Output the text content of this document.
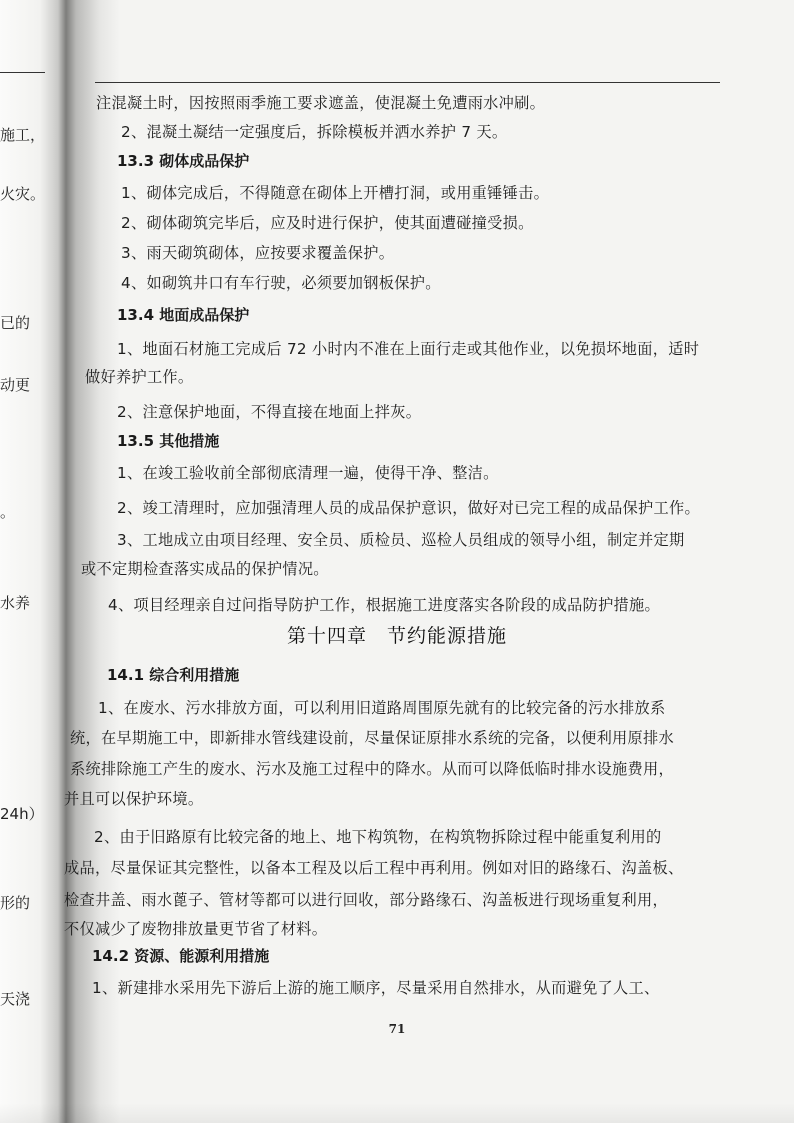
施工，
火灾。
已的
动更
。
水养
24h）
形的
天浇
注混凝土时，因按照雨季施工要求遮盖，使混凝土免遭雨水冲刷。
2、混凝土凝结一定强度后，拆除模板并洒水养护 7 天。
13.3 砌体成品保护
1、砌体完成后，不得随意在砌体上开槽打洞，或用重锤锤击。
2、砌体砌筑完毕后，应及时进行保护，使其面遭碰撞受损。
3、雨天砌筑砌体，应按要求覆盖保护。
4、如砌筑井口有车行驶，必须要加钢板保护。
13.4 地面成品保护
1、地面石材施工完成后 72 小时内不准在上面行走或其他作业，以免损坏地面，适时
做好养护工作。
2、注意保护地面，不得直接在地面上拌灰。
13.5 其他措施
1、在竣工验收前全部彻底清理一遍，使得干净、整洁。
2、竣工清理时，应加强清理人员的成品保护意识，做好对已完工程的成品保护工作。
3、工地成立由项目经理、安全员、质检员、巡检人员组成的领导小组，制定并定期
或不定期检查落实成品的保护情况。
4、项目经理亲自过问指导防护工作，根据施工进度落实各阶段的成品防护措施。
第十四章　节约能源措施
14.1 综合利用措施
1、在废水、污水排放方面，可以利用旧道路周围原先就有的比较完备的污水排放系
统，在早期施工中，即新排水管线建设前，尽量保证原排水系统的完备，以便利用原排水
系统排除施工产生的废水、污水及施工过程中的降水。从而可以降低临时排水设施费用，
并且可以保护环境。
2、由于旧路原有比较完备的地上、地下构筑物，在构筑物拆除过程中能重复利用的
成品，尽量保证其完整性，以备本工程及以后工程中再利用。例如对旧的路缘石、沟盖板、
检查井盖、雨水蓖子、管材等都可以进行回收，部分路缘石、沟盖板进行现场重复利用，
不仅减少了废物排放量更节省了材料。
14.2 资源、能源利用措施
1、新建排水采用先下游后上游的施工顺序，尽量采用自然排水，从而避免了人工、
71
